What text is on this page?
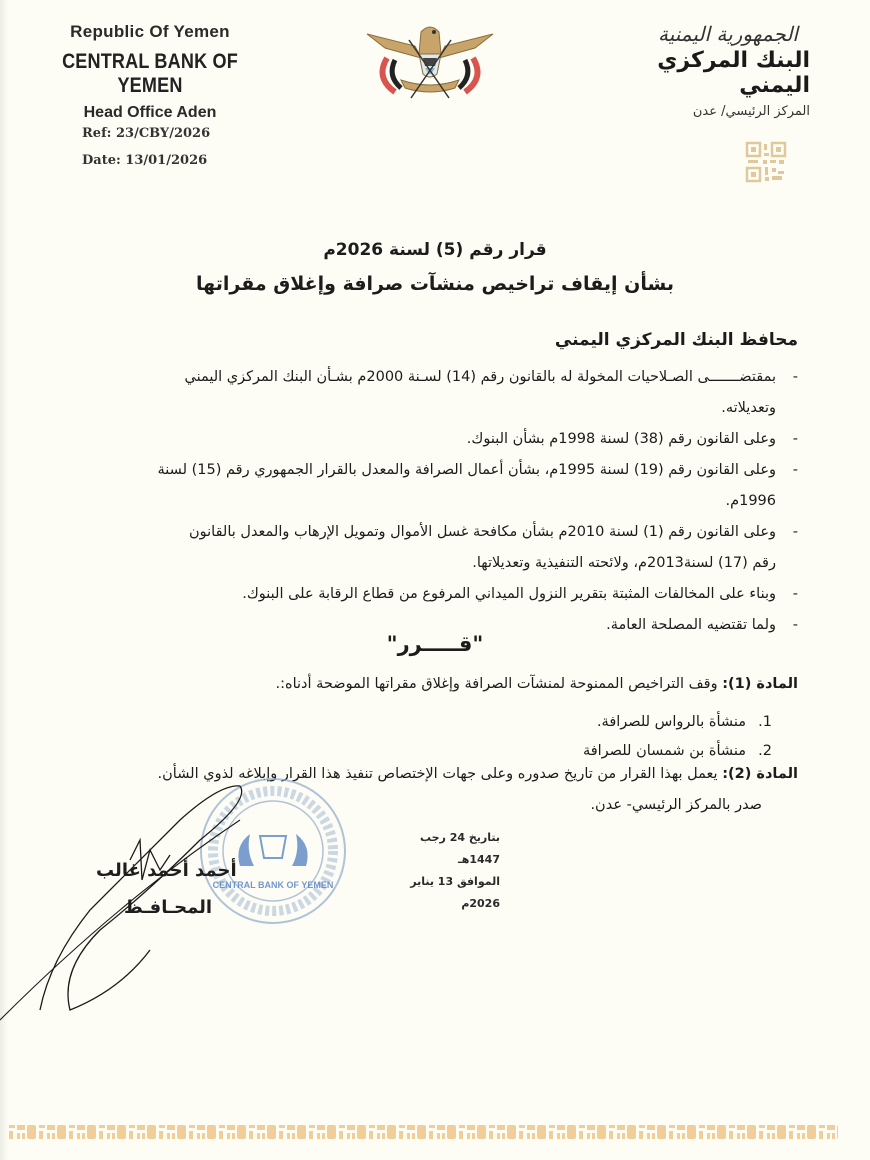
Republic Of Yemen
CENTRAL BANK OF YEMEN
Head Office Aden
Ref: 23/CBY/2026
Date: 13/01/2026
الجمهورية اليمنية
البنك المركزي اليمني
المركز الرئيسي/ عدن
قرار رقم (5) لسنة 2026م
بشأن إيقاف تراخيص منشآت صرافة وإغلاق مقراتها
محافظ البنك المركزي اليمني
-
بمقتضـــــــى الصـلاحيات المخولة له بالقانون رقم (14) لسـنة 2000م بشـأن البنك المركزي اليمني
وتعديلاته.
-
وعلى القانون رقم (38) لسنة 1998م بشأن البنوك.
-
وعلى القانون رقم (19) لسنة 1995م، بشأن أعمال الصرافة والمعدل بالقرار الجمهوري رقم (15) لسنة
1996م.
-
وعلى القانون رقم (1) لسنة 2010م بشأن مكافحة غسل الأموال وتمويل الإرهاب والمعدل بالقانون
رقم (17) لسنة2013م، ولائحته التنفيذية وتعديلاتها.
-
وبناء على المخالفات المثبتة بتقرير النزول الميداني المرفوع من قطاع الرقابة على البنوك.
-
ولما تقتضيه المصلحة العامة.
"قـــــرر"
المادة (1): وقف التراخيص الممنوحة لمنشآت الصرافة وإغلاق مقراتها الموضحة أدناه:.
1.منشأة بالرواس للصرافة.
2.منشأة بن شمسان للصرافة
المادة (2): يعمل بهذا القرار من تاريخ صدوره وعلى جهات الإختصاص تنفيذ هذا القرار وإبلاغه لذوي الشأن.
صدر بالمركز الرئيسي- عدن.
بتاريخ 24 رجب 1447هـ
الموافق 13 يناير 2026م
CENTRAL BANK OF YEMEN
أحمد أحمد غالب
المحـافـظ
